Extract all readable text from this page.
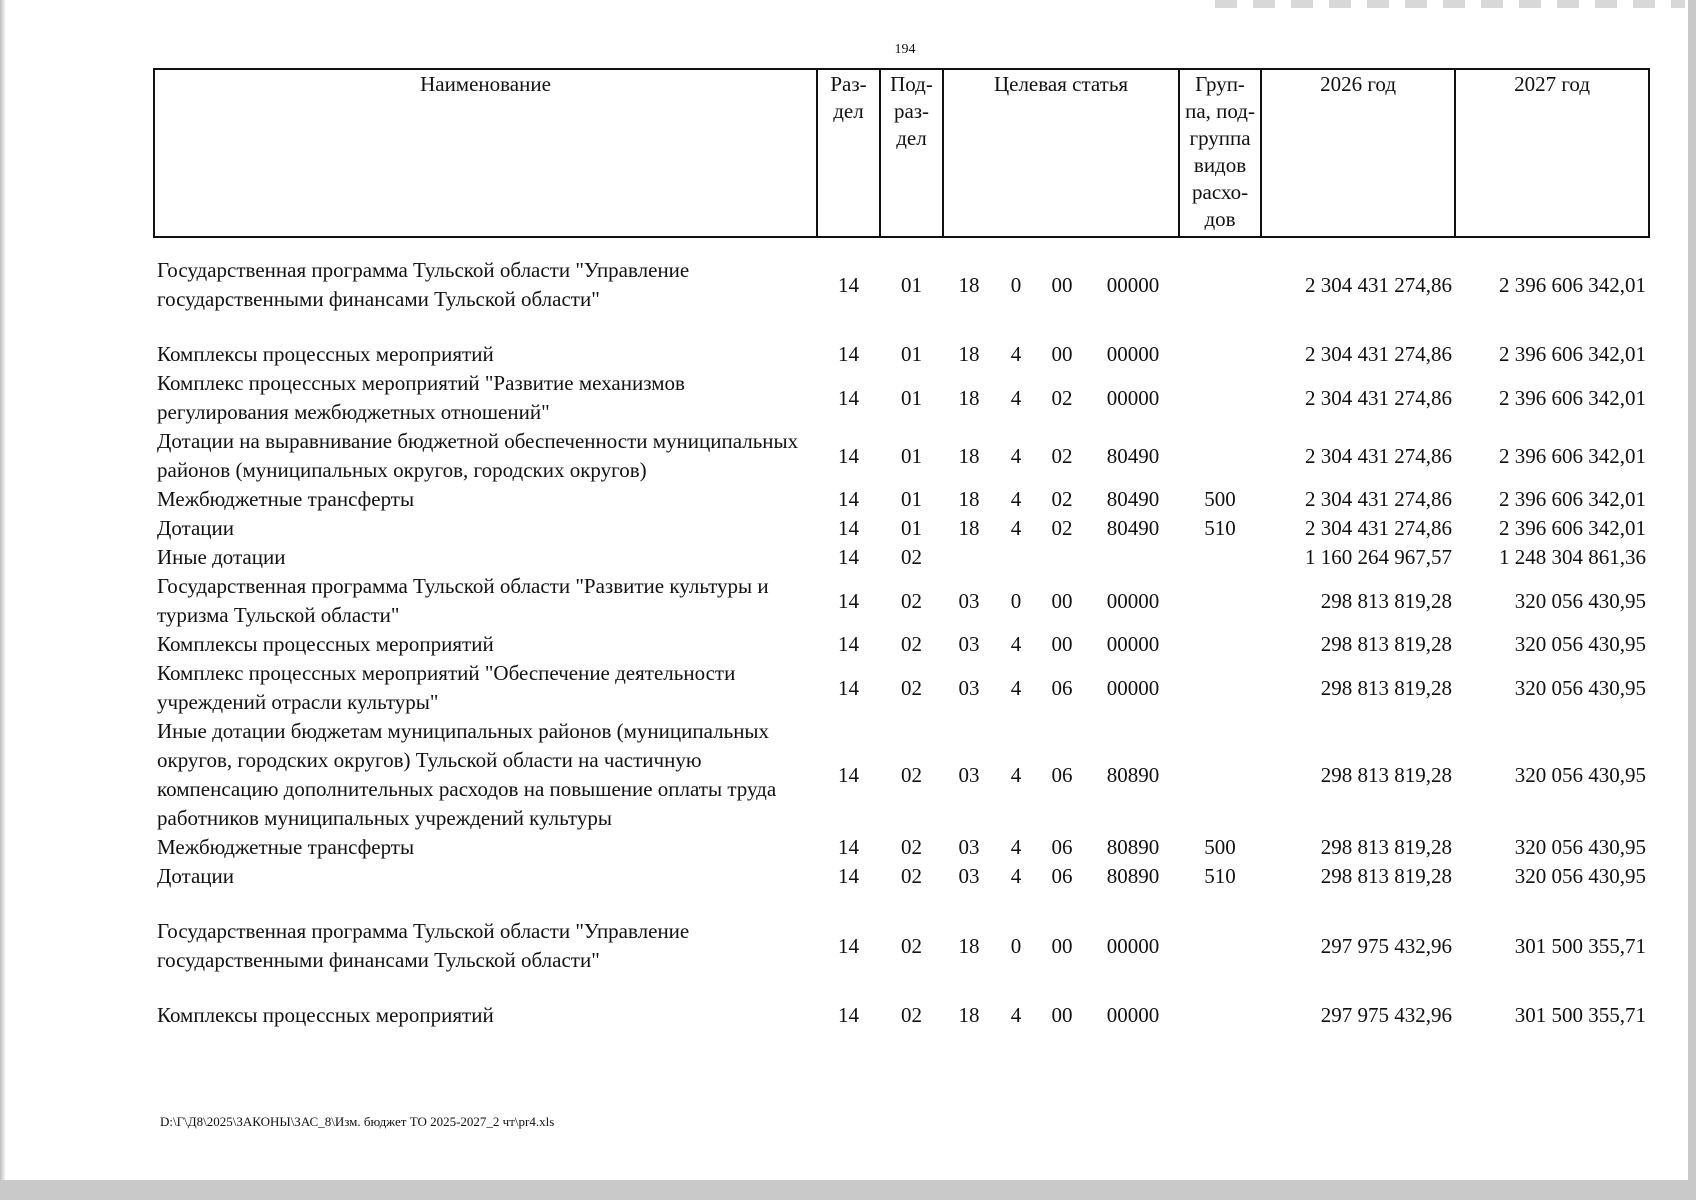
194
Наименование	Раз- дел	Под- раз- дел	Целевая статья				Груп- па, под- группа видов расхо- дов	2026 год	2027 год

Государственная программа Тульской области "Управление государственными финансами Тульской области"	14	01	18	0	00	00000		2 304 431 274,86	2 396 606 342,01

Комплексы процессных мероприятий	14	01	18	4	00	00000		2 304 431 274,86	2 396 606 342,01
Комплекс процессных мероприятий "Развитие механизмов регулирования межбюджетных отношений"	14	01	18	4	02	00000		2 304 431 274,86	2 396 606 342,01
Дотации на выравнивание бюджетной обеспеченности муниципальных районов (муниципальных округов, городских округов)	14	01	18	4	02	80490		2 304 431 274,86	2 396 606 342,01
Межбюджетные трансферты	14	01	18	4	02	80490	500	2 304 431 274,86	2 396 606 342,01
Дотации	14	01	18	4	02	80490	510	2 304 431 274,86	2 396 606 342,01
Иные дотации	14	02						1 160 264 967,57	1 248 304 861,36
Государственная программа Тульской области "Развитие культуры и туризма Тульской области"	14	02	03	0	00	00000		298 813 819,28	320 056 430,95
Комплексы процессных мероприятий	14	02	03	4	00	00000		298 813 819,28	320 056 430,95
Комплекс процессных мероприятий "Обеспечение деятельности учреждений отрасли культуры"	14	02	03	4	06	00000		298 813 819,28	320 056 430,95
Иные дотации бюджетам муниципальных районов (муниципальных округов, городских округов) Тульской области на частичную компенсацию дополнительных расходов на повышение оплаты труда работников муниципальных учреждений культуры	14	02	03	4	06	80890		298 813 819,28	320 056 430,95
Межбюджетные трансферты	14	02	03	4	06	80890	500	298 813 819,28	320 056 430,95
Дотации	14	02	03	4	06	80890	510	298 813 819,28	320 056 430,95

Государственная программа Тульской области "Управление государственными финансами Тульской области"	14	02	18	0	00	00000		297 975 432,96	301 500 355,71

Комплексы процессных мероприятий	14	02	18	4	00	00000		297 975 432,96	301 500 355,71
D:\Г\Д8\2025\ЗАКОНЫ\ЗАС_8\Изм. бюджет ТО 2025-2027_2 чт\pr4.xls
